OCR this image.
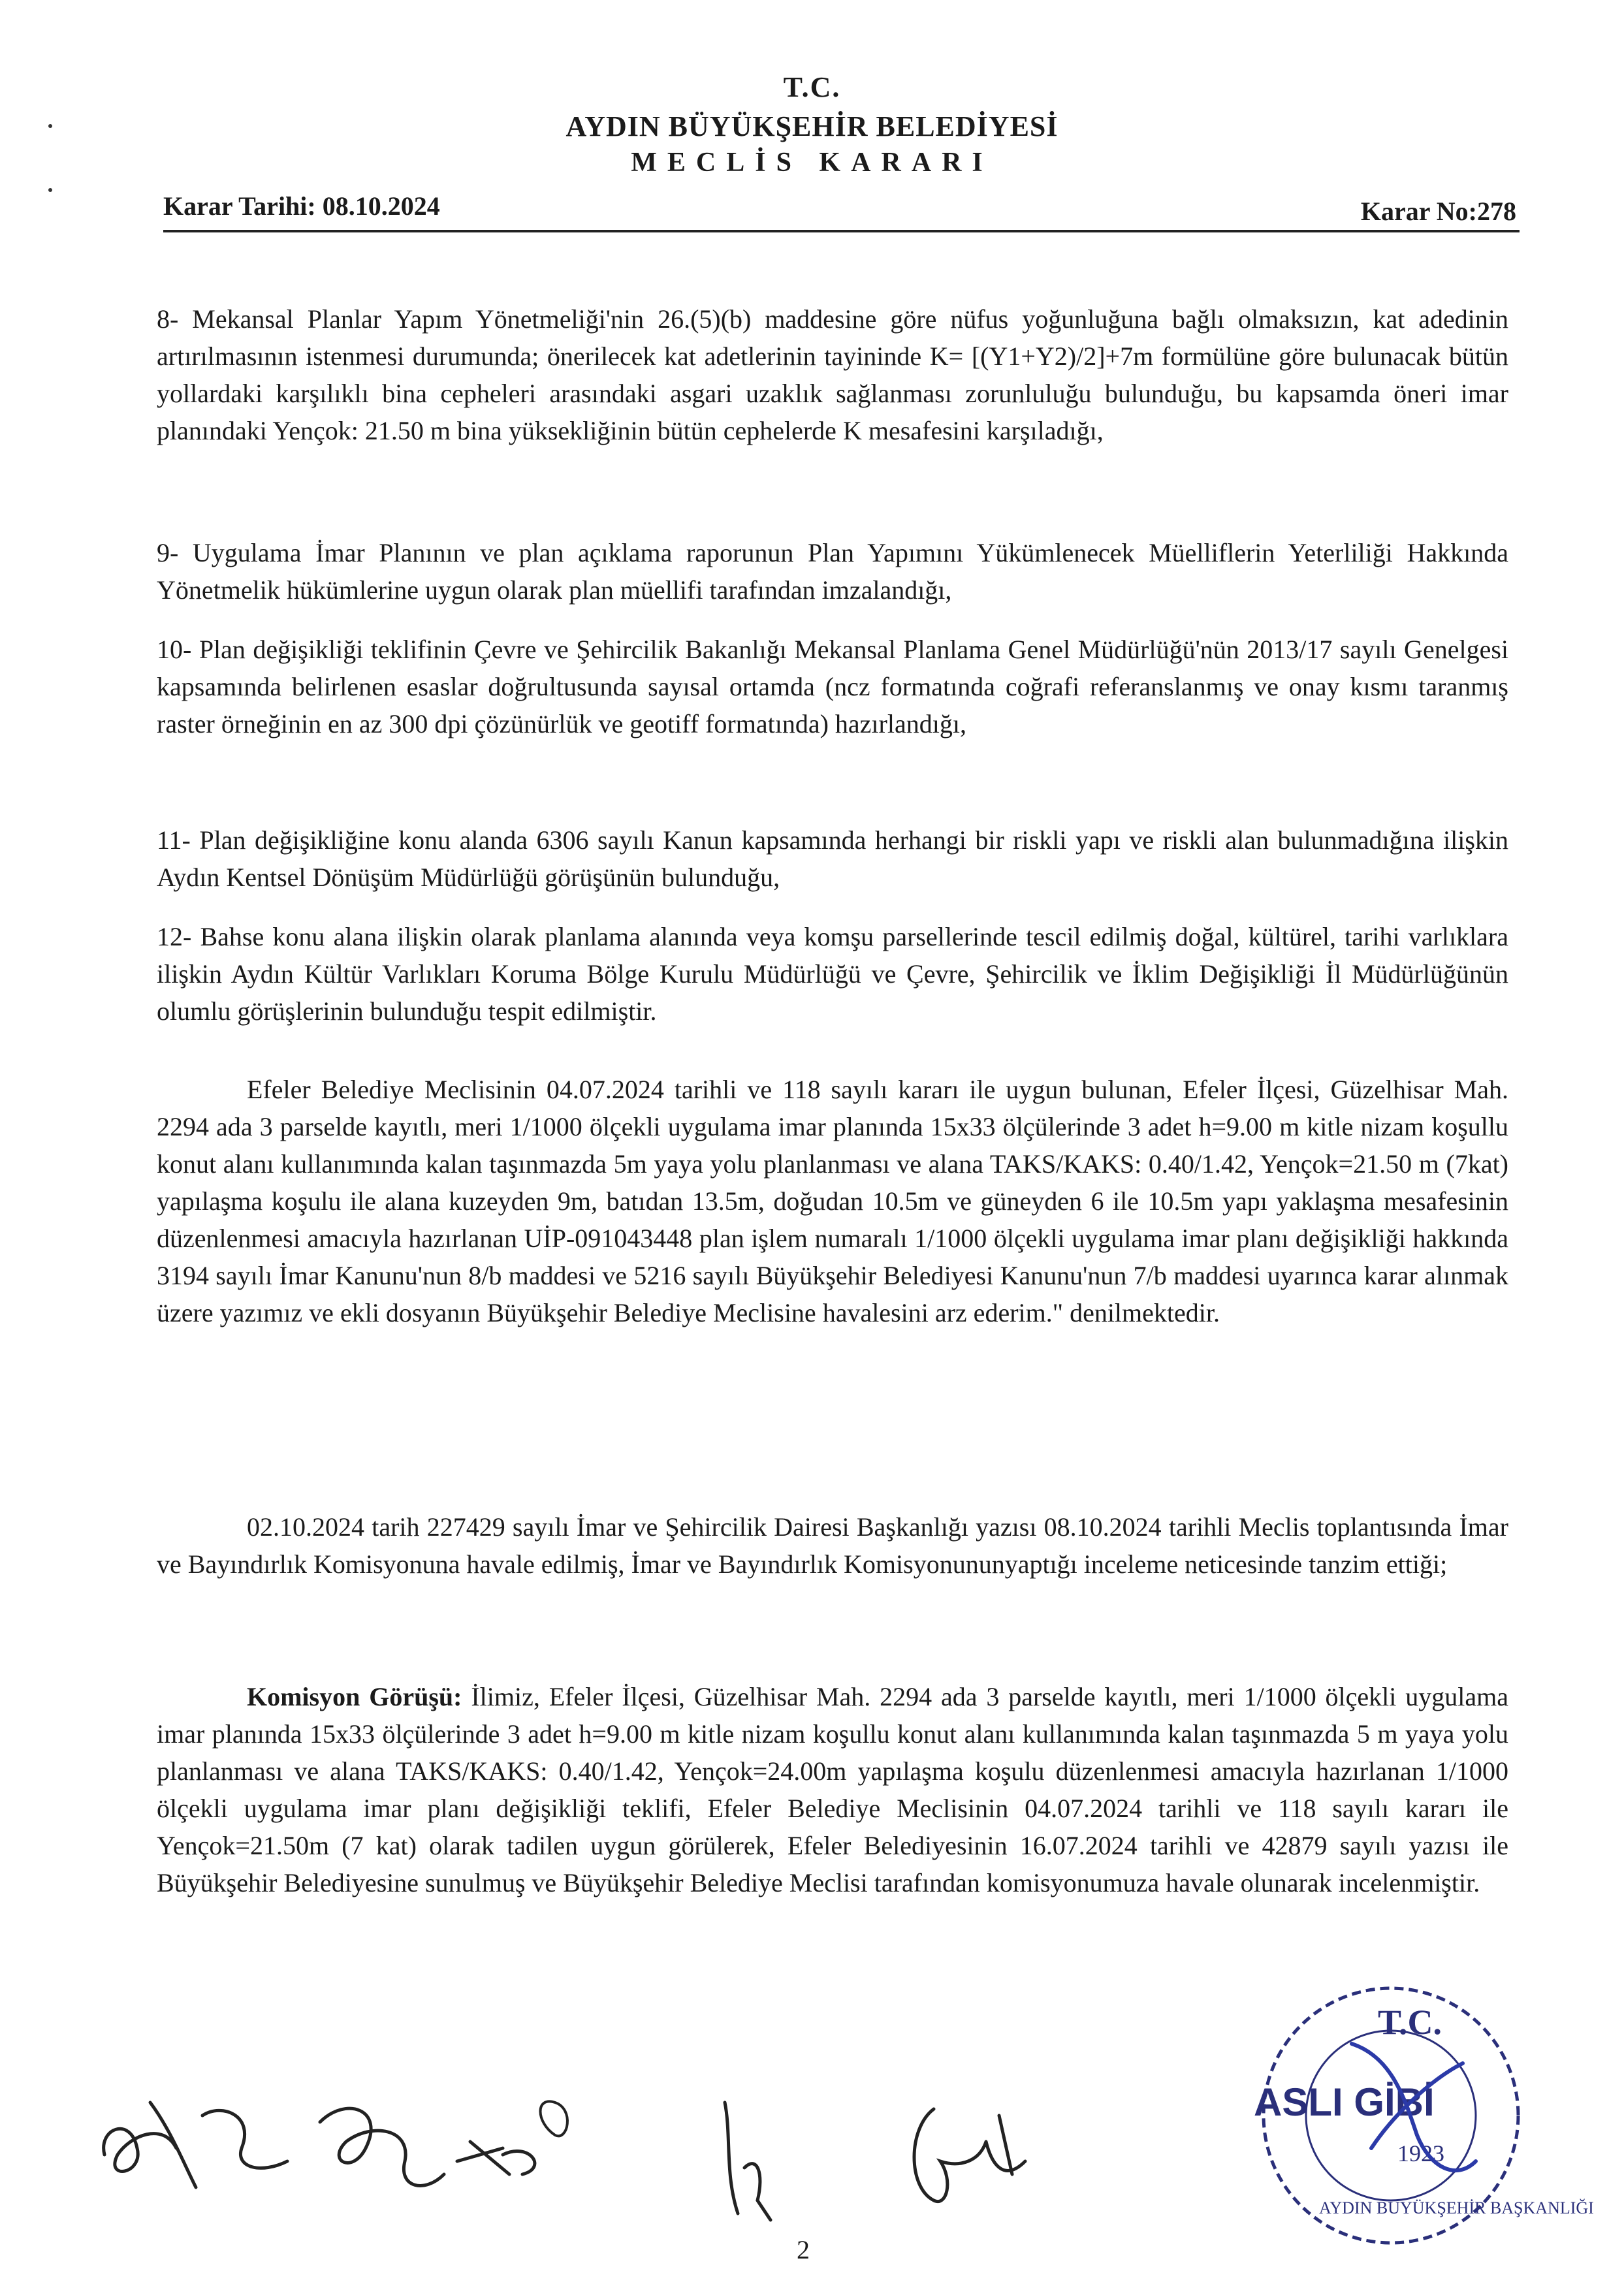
T.C.
AYDIN BÜYÜKŞEHİR BELEDİYESİ
MECLİS KARARI
Karar Tarihi: 08.10.2024	Karar No:278

8- Mekansal Planlar Yapım Yönetmeliği'nin 26.(5)(b) maddesine göre nüfus yoğunluğuna bağlı olmaksızın, kat adedinin artırılmasının istenmesi durumunda; önerilecek kat adetlerinin tayininde K= [(Y1+Y2)/2]+7m formülüne göre bulunacak bütün yollardaki karşılıklı bina cepheleri arasındaki asgari uzaklık sağlanması zorunluluğu bulunduğu, bu kapsamda öneri imar planındaki Yençok: 21.50 m bina yüksekliğinin bütün cephelerde K mesafesini karşıladığı,

9- Uygulama İmar Planının ve plan açıklama raporunun Plan Yapımını Yükümlenecek Müelliflerin Yeterliliği Hakkında Yönetmelik hükümlerine uygun olarak plan müellifi tarafından imzalandığı,

10- Plan değişikliği teklifinin Çevre ve Şehircilik Bakanlığı Mekansal Planlama Genel Müdürlüğü'nün 2013/17 sayılı Genelgesi kapsamında belirlenen esaslar doğrultusunda sayısal ortamda (ncz formatında coğrafi referanslanmış ve onay kısmı taranmış raster örneğinin en az 300 dpi çözünürlük ve geotiff formatında) hazırlandığı,

11- Plan değişikliğine konu alanda 6306 sayılı Kanun kapsamında herhangi bir riskli yapı ve riskli alan bulunmadığına ilişkin Aydın Kentsel Dönüşüm Müdürlüğü görüşünün bulunduğu,

12- Bahse konu alana ilişkin olarak planlama alanında veya komşu parsellerinde tescil edilmiş doğal, kültürel, tarihi varlıklara ilişkin Aydın Kültür Varlıkları Koruma Bölge Kurulu Müdürlüğü ve Çevre, Şehircilik ve İklim Değişikliği İl Müdürlüğünün olumlu görüşlerinin bulunduğu tespit edilmiştir.

Efeler Belediye Meclisinin 04.07.2024 tarihli ve 118 sayılı kararı ile uygun bulunan, Efeler İlçesi, Güzelhisar Mah. 2294 ada 3 parselde kayıtlı, meri 1/1000 ölçekli uygulama imar planında 15x33 ölçülerinde 3 adet h=9.00 m kitle nizam koşullu konut alanı kullanımında kalan taşınmazda 5m yaya yolu planlanması ve alana TAKS/KAKS: 0.40/1.42, Yençok=21.50 m (7kat) yapılaşma koşulu ile alana kuzeyden 9m, batıdan 13.5m, doğudan 10.5m ve güneyden 6 ile 10.5m yapı yaklaşma mesafesinin düzenlenmesi amacıyla hazırlanan UİP-091043448 plan işlem numaralı 1/1000 ölçekli uygulama imar planı değişikliği hakkında 3194 sayılı İmar Kanunu'nun 8/b maddesi ve 5216 sayılı Büyükşehir Belediyesi Kanunu'nun 7/b maddesi uyarınca karar alınmak üzere yazımız ve ekli dosyanın Büyükşehir Belediye Meclisine havalesini arz ederim." denilmektedir.

02.10.2024 tarih 227429 sayılı İmar ve Şehircilik Dairesi Başkanlığı yazısı 08.10.2024 tarihli Meclis toplantısında İmar ve Bayındırlık Komisyonuna havale edilmiş, İmar ve Bayındırlık Komisyonununyaptığı inceleme neticesinde tanzim ettiği;

Komisyon Görüşü: İlimiz, Efeler İlçesi, Güzelhisar Mah. 2294 ada 3 parselde kayıtlı, meri 1/1000 ölçekli uygulama imar planında 15x33 ölçülerinde 3 adet h=9.00 m kitle nizam koşullu konut alanı kullanımında kalan taşınmazda 5 m yaya yolu planlanması ve alana TAKS/KAKS: 0.40/1.42, Yençok=24.00m yapılaşma koşulu düzenlenmesi amacıyla hazırlanan 1/1000 ölçekli uygulama imar planı değişikliği teklifi, Efeler Belediye Meclisinin 04.07.2024 tarihli ve 118 sayılı kararı ile Yençok=21.50m (7 kat) olarak tadilen uygun görülerek, Efeler Belediyesinin 16.07.2024 tarihli ve 42879 sayılı yazısı ile Büyükşehir Belediyesine sunulmuş ve Büyükşehir Belediye Meclisi tarafından komisyonumuza havale olunarak incelenmiştir.

T.C.
ASLI GİBİ
1923
AYDIN BÜYÜKŞEHİR BAŞKANLIĞI
2
